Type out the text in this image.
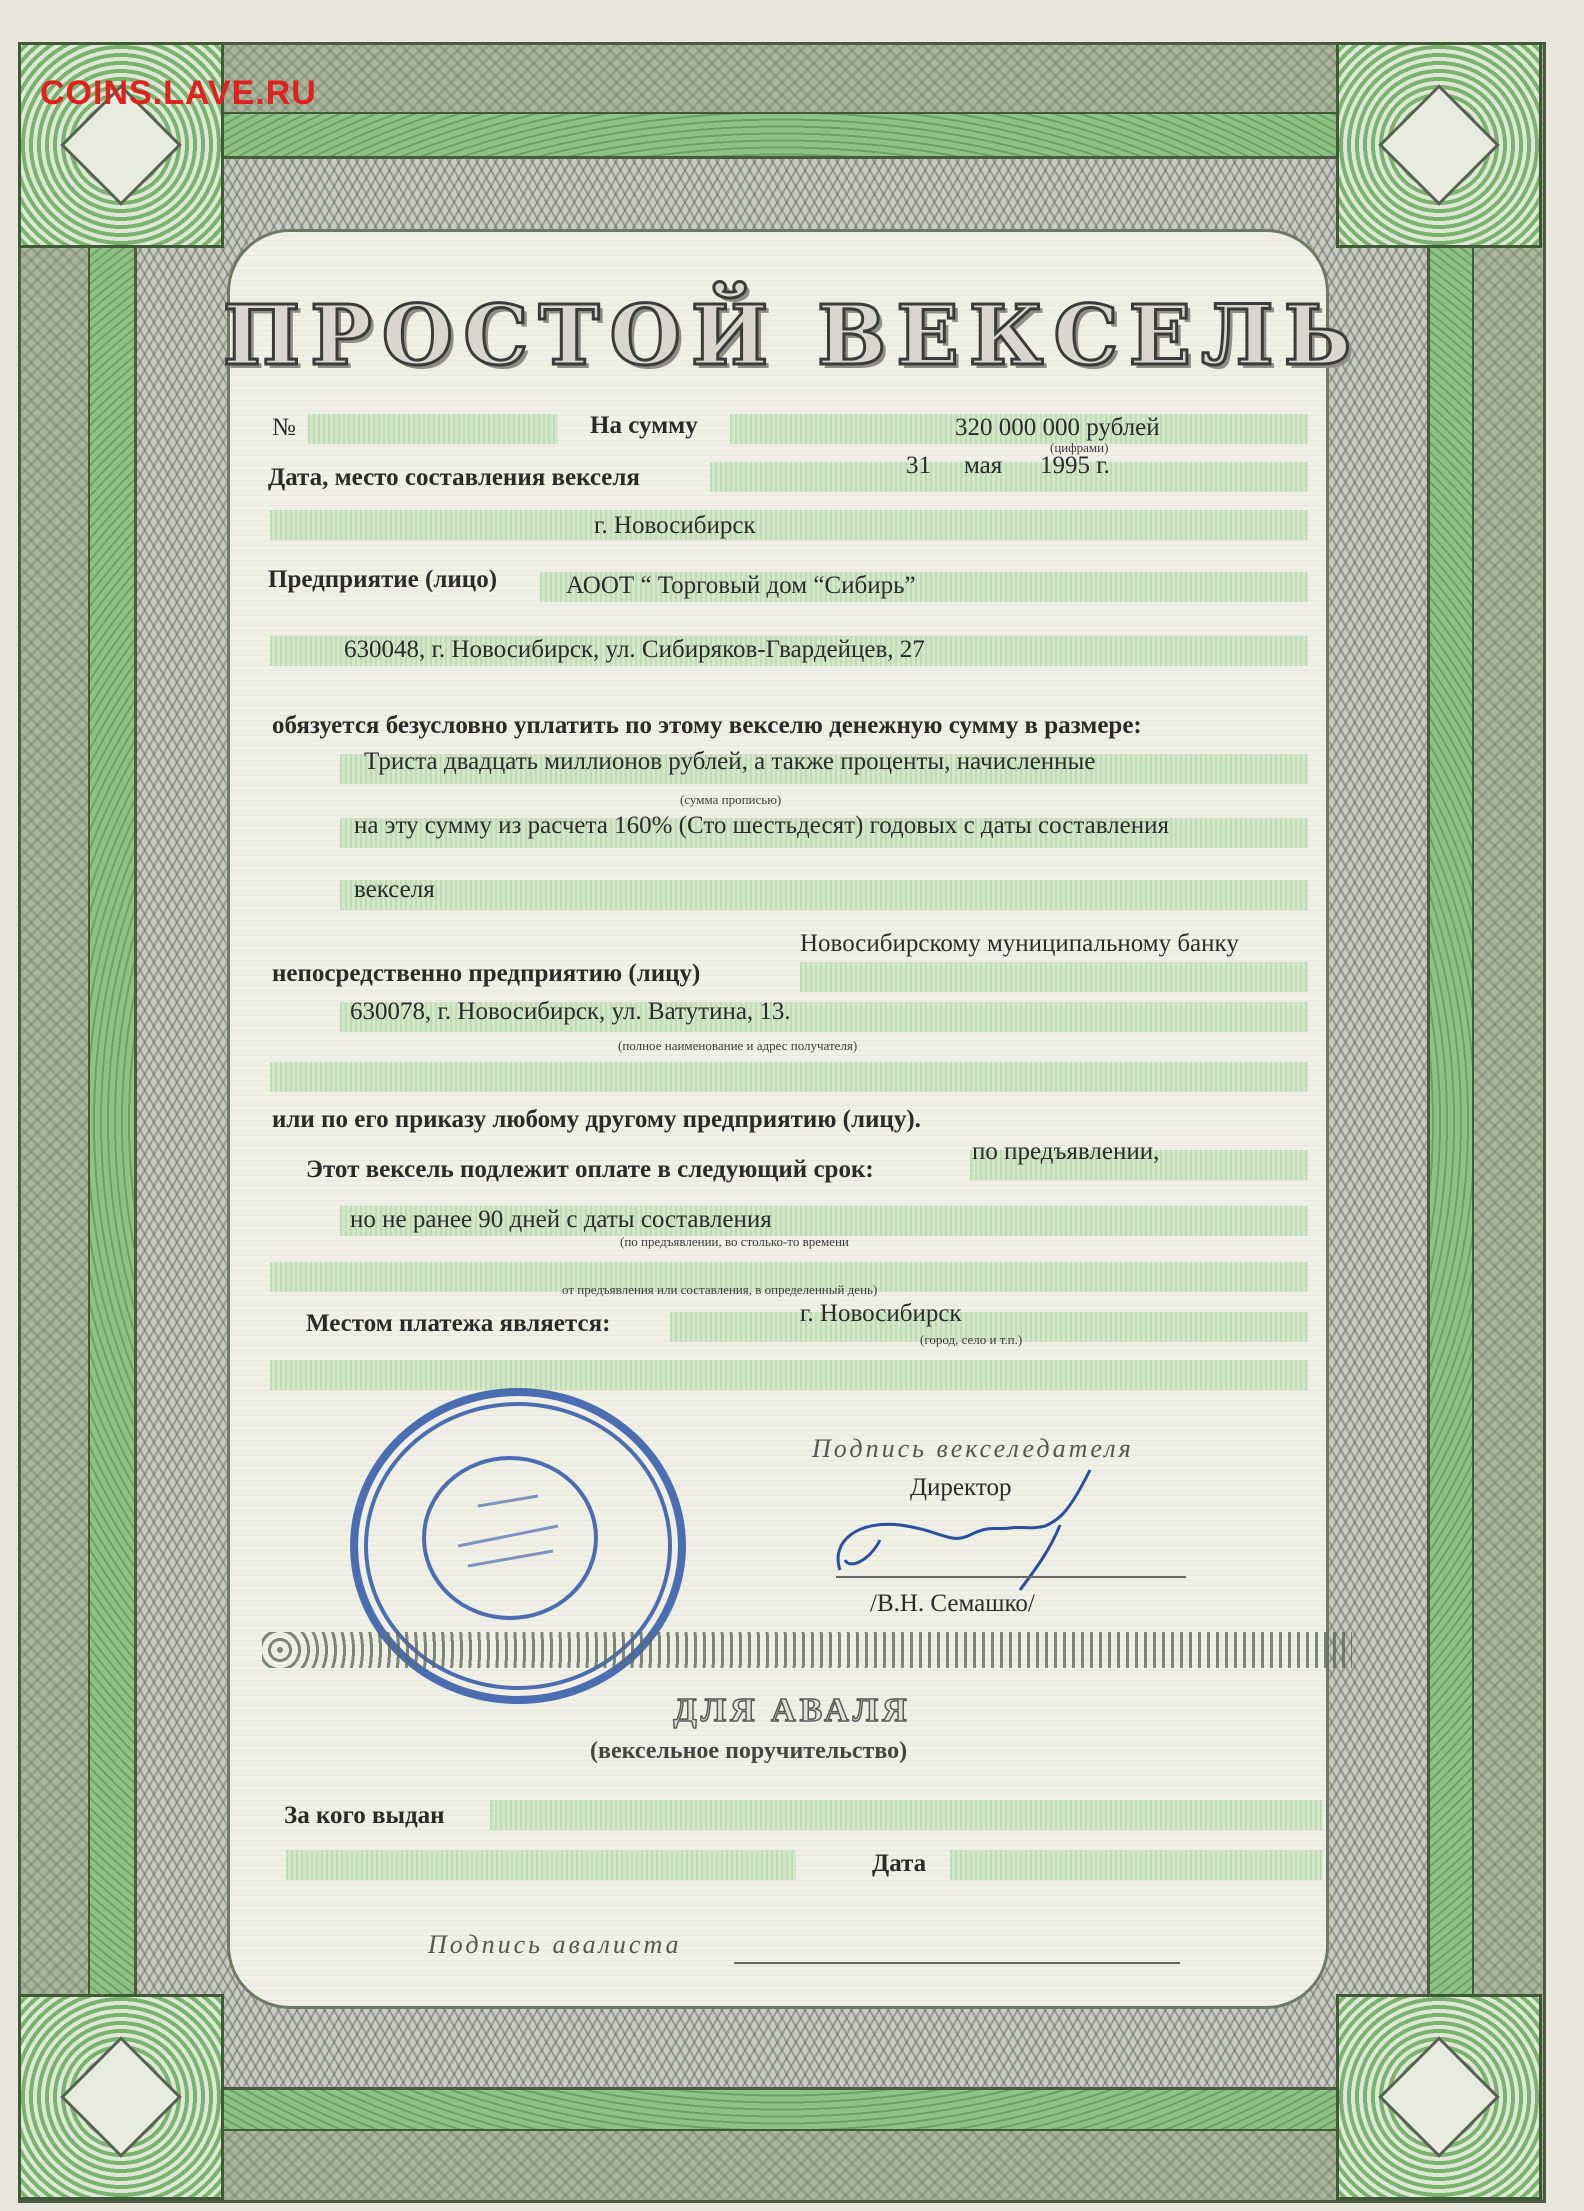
COINS.LAVE.RU
ПРОСТОЙ ВЕКСЕЛЬ
№	На сумму	320 000 000 рублей
(цифрами)
Дата, место составления векселя	31 мая 1995 г.
г. Новосибирск
Предприятие (лицо)	АООТ “ Торговый дом “Сибирь”
630048, г. Новосибирск, ул. Сибиряков-Гвардейцев, 27
обязуется безусловно уплатить по этому векселю денежную сумму в размере:
Триста двадцать миллионов рублей, а также проценты, начисленные
(сумма прописью)
на эту сумму из расчета 160% (Сто шестьдесят) годовых с даты составления
векселя
Новосибирскому муниципальному банку
непосредственно предприятию (лицу)
630078, г. Новосибирск, ул. Ватутина, 13.
(полное наименование и адрес получателя)
или по его приказу любому другому предприятию (лицу).
Этот вексель подлежит оплате в следующий срок:
по предъявлении,
но не ранее 90 дней с даты составления
(по предъявлении, во столько-то времени
от предъявления или составления, в определенный день)
Местом платежа является:	г. Новосибирск
(город, село и т.п.)
Подпись векселедателя
Директор
/В.Н. Семашко/
ДЛЯ АВАЛЯ
(вексельное поручительство)
За кого выдан
Дата
Подпись авалиста
